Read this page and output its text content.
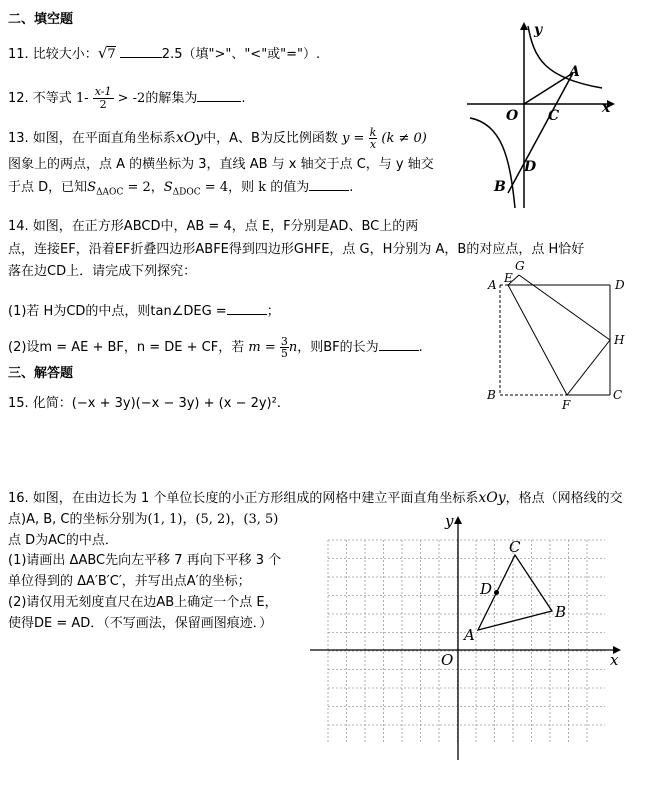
二、填空题
11. 比较大小：√7	2.5（填">"、"<"或"="）.
12. 不等式 $1- \frac{x-1}{2} > -2$的解集为	.
13. 如图，在平面直角坐标系xOy中，A、B为反比例函数 $y = \frac{k}{x} (k \ne 0)$
图象上的两点，点 A 的横坐标为 3，直线 AB 与 x 轴交于点 C，与 y 轴交
于点 D，已知$S_{\Delta AOC} = 2$，$S_{\Delta DOC} = 4$，则 k 的值为	.
y
x
O
A
C
D
B
14. 如图，在正方形ABCD中，AB = 4，点 E，F分别是AD、BC上的两
点，连接EF，沿着EF折叠四边形ABFE得到四边形GHFE，点 G，H分别为 A，B的对应点，点 H恰好
落在边CD上．请完成下列探究：
(1)若 H为CD的中点，则tan∠DEG =	；
(2)设m = AE + BF，n = DE + CF，若 $m = \frac{3}{5}$ n，则BF的长为	.
G
E
A	D
H
B
F
C
三、解答题
15. 化简：(−x + 3y)(−x − 3y) + (x − 2y)².
16. 如图，在由边长为 1 个单位长度的小正方形组成的网格中建立平面直角坐标系xOy，格点（网格线的交
点)A, B, C的坐标分别为(1, 1)，(5, 2)，(3, 5)
点 D为AC的中点．
(1)请画出 ΔABC先向左平移 7 再向下平移 3 个
单位得到的 ΔA′B′C′，并写出点A′的坐标；
(2)请仅用无刻度直尺在边AB上确定一个点 E，
使得DE = AD．（不写画法，保留画图痕迹．）
y
x
O
A
B
C
D
